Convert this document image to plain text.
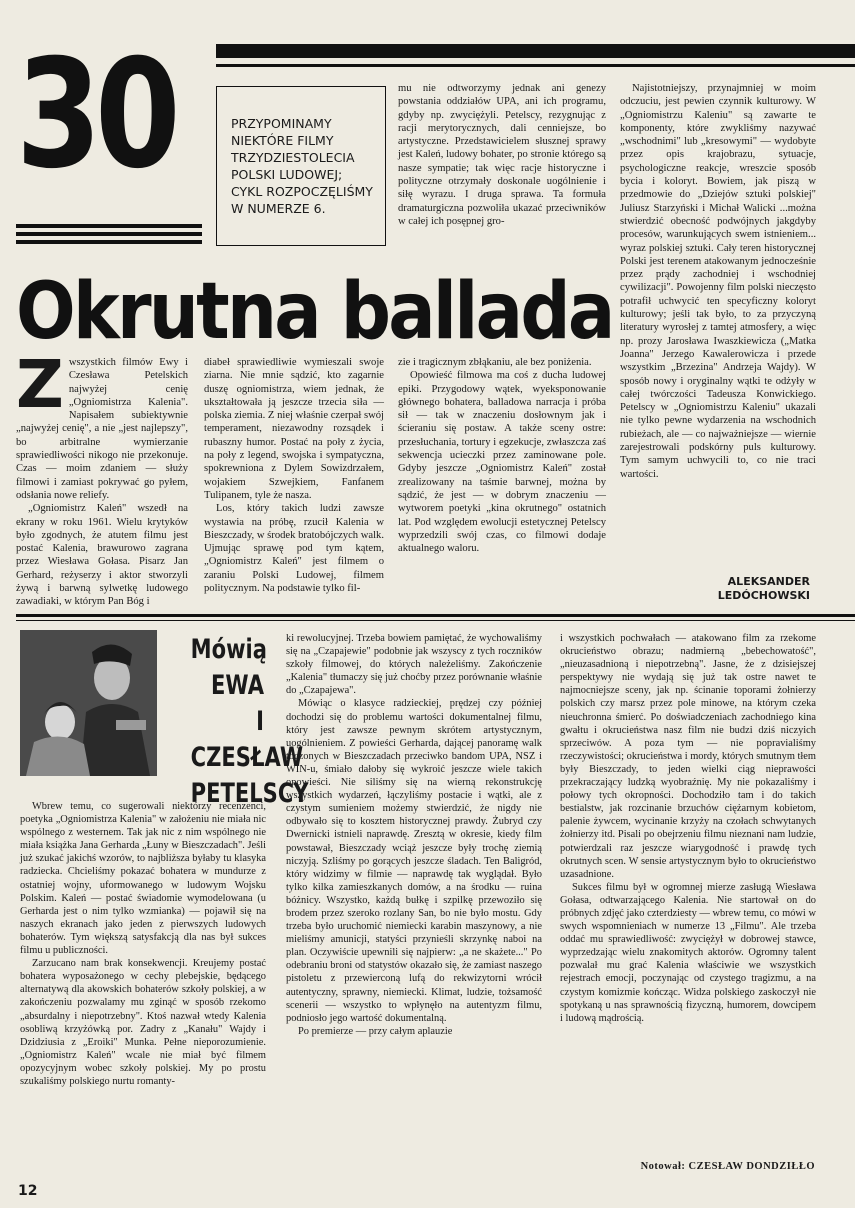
30	PRZYPOMINAMY
NIEKTÓRE FILMY
TRZYDZIESTOLECIA
POLSKI LUDOWEJ;
CYKL ROZPOCZĘLIŚMY
W NUMERZE 6.

mu nie odtworzymy jednak ani genezy powstania oddziałów UPA, ani ich programu, gdyby np. zwyciężyli. Petelscy, rezygnując z racji merytorycznych, dali cenniejsze, bo artystyczne. Przedstawicielem słusznej sprawy jest Kaleń, ludowy bohater, po stronie którego są nasze sympatie; tak więc racje historyczne i polityczne otrzymały doskonale uogólnienie i siłę wyrazu. I druga sprawa. Ta formuła dramaturgiczna pozwoliła ukazać przeciwników w całej ich posępnej gro-

Najistotniejszy, przynajmniej w moim odczuciu, jest pewien czynnik kulturowy. W „Ogniomistrzu Kaleniu" są zawarte te komponenty, które zwykliśmy nazywać „wschodnimi" lub „kresowymi" — wydobyte przez opis krajobrazu, sytuacje, psychologiczne reakcje, wreszcie sposób bycia i koloryt. Bowiem, jak piszą w przedmowie do „Dziejów sztuki polskiej" Juliusz Starzyński i Michał Walicki ...można stwierdzić obecność podwójnych jakgdyby procesów, warunkujących swem istnieniem... wyraz polskiej sztuki. Cały teren historycznej Polski jest terenem atakowanym jednocześnie przez prądy zachodniej i wschodniej cywilizacji". Powojenny film polski nieczęsto potrafił uchwycić ten specyficzny koloryt kulturowy; jeśli tak było, to za przyczyną literatury wyrosłej z tamtej atmosfery, a więc np. prozy Jarosława Iwaszkiewicza („Matka Joanna" Jerzego Kawalerowicza i przede wszystkim „Brzezina" Andrzeja Wajdy). W sposób nowy i oryginalny wątki te odżyły w całej twórczości Tadeusza Konwickiego. Petelscy w „Ogniomistrzu Kaleniu" ukazali nie tylko pewne wydarzenia na wschodnich rubieżach, ale — co najważniejsze — wiernie zarejestrowali podskórny puls kulturowy. Tym samym uchwycili to, co nie traci wartości.

Okrutna ballada
Z wszystkich filmów Ewy i Czesława Petelskich najwyżej cenię „Ogniomistrza Kalenia". Napisałem subiektywnie „najwyżej cenię", a nie „jest najlepszy", bo arbitralne wymierzanie sprawiedliwości nikogo nie przekonuje. Czas — moim zdaniem — służy filmowi i zamiast pokrywać go pyłem, odsłania nowe reliefy.

„Ogniomistrz Kaleń" wszedł na ekrany w roku 1961. Wielu krytyków było zgodnych, że atutem filmu jest postać Kalenia, brawurowo zagrana przez Wiesława Gołasa. Pisarz Jan Gerhard, reżyserzy i aktor stworzyli żywą i barwną sylwetkę ludowego zawadiaki, w którym Pan Bóg i

diabeł sprawiedliwie wymieszali swoje ziarna. Nie mnie sądzić, kto zagarnie duszę ogniomistrza, wiem jednak, że ukształtowała ją jeszcze trzecia siła — polska ziemia. Z niej właśnie czerpał swój temperament, niezawodny rozsądek i rubaszny humor. Postać na poły z życia, na poły z legend, swojska i sympatyczna, spokrewniona z Dylem Sowizdrzałem, wojakiem Szwejkiem, Fanfanem Tulipanem, tyle że nasza.

Los, który takich ludzi zawsze wystawia na próbę, rzucił Kalenia w Bieszczady, w środek bratobójczych walk. Ujmując sprawę pod tym kątem, „Ogniomistrz Kaleń" jest filmem o zaraniu Polski Ludowej, filmem politycznym. Na podstawie tylko fil-

zie i tragicznym zbłąkaniu, ale bez poniżenia.

Opowieść filmowa ma coś z ducha ludowej epiki. Przygodowy wątek, wyeksponowanie głównego bohatera, balladowa narracja i próba sił — tak w znaczeniu dosłownym jak i ścieraniu się postaw. A także sceny ostre: przesłuchania, tortury i egzekucje, zwłaszcza zaś sekwencja ucieczki przez zaminowane pole. Gdyby jeszcze „Ogniomistrz Kaleń" został zrealizowany na taśmie barwnej, można by sądzić, że jest — w dobrym znaczeniu — wytworem poetyki „kina okrutnego" ostatnich lat. Pod względem ewolucji estetycznej Petelscy wyprzedzili swój czas, co filmowi dodaje aktualnego waloru.

ALEKSANDER
LEDÓCHOWSKI
Mówią
EWA
I CZESŁAW
PETELSCY

Wbrew temu, co sugerowali niektórzy recenzenci, poetyka „Ogniomistrza Kalenia" w założeniu nie miała nic wspólnego z westernem. Tak jak nic z nim wspólnego nie miała książka Jana Gerharda „Łuny w Bieszczadach". Jeśli już szukać jakichś wzorów, to najbliższa byłaby tu klasyka radziecka. Chcieliśmy pokazać bohatera w mundurze z ostatniej wojny, uformowanego w ludowym Wojsku Polskim. Kaleń — postać świadomie wymodelowana (u Gerharda jest o nim tylko wzmianka) — pojawił się na naszych ekranach jako jeden z pierwszych ludowych bohaterów. Tym większą satysfakcją dla nas był sukces filmu u publiczności.

Zarzucano nam brak konsekwencji. Kreujemy postać bohatera wyposażonego w cechy plebejskie, będącego alternatywą dla akowskich bohaterów szkoły polskiej, a w zakończeniu pozwalamy mu zginąć w sposób rzekomo „absurdalny i niepotrzebny". Ktoś nazwał wtedy Kalenia osobliwą krzyżówką por. Zadry z „Kanału" Wajdy i Dzidziusia z „Eroiki" Munka. Pełne nieporozumienie. „Ogniomistrz Kaleń" wcale nie miał być filmem opozycyjnym wobec szkoły polskiej. My po prostu szukaliśmy polskiego nurtu romanty-

ki rewolucyjnej. Trzeba bowiem pamiętać, że wychowaliśmy się na „Czapajewie" podobnie jak wszyscy z tych roczników szkoły filmowej, do których należeliśmy. Zakończenie „Kalenia" tłumaczy się już choćby przez porównanie właśnie do „Czapajewa".

Mówiąc o klasyce radzieckiej, prędzej czy później dochodzi się do problemu wartości dokumentalnej filmu, który jest zawsze pewnym skrótem artystycznym, uogólnieniem. Z powieści Gerharda, dającej panoramę walk toczonych w Bieszczadach przeciwko bandom UPA, NSZ i WIN-u, śmiało dałoby się wykroić jeszcze wiele takich opowieści. Nie siliśmy się na wierną rekonstrukcję wszystkich wydarzeń, łączyliśmy postacie i wątki, ale z czystym sumieniem możemy stwierdzić, że nigdy nie odbywało się to kosztem historycznej prawdy. Żubryd czy Dwernicki istnieli naprawdę. Zresztą w okresie, kiedy film powstawał, Bieszczady wciąż jeszcze były trochę ziemią niczyją. Szliśmy po gorących jeszcze śladach. Ten Baligród, który widzimy w filmie — naprawdę tak wyglądał. Było tylko kilka zamieszkanych domów, a na środku — ruina bóżnicy. Wszystko, każdą bułkę i szpilkę przewoziło się brodem przez szeroko rozlany San, bo nie było mostu. Gdy trzeba było uruchomić niemiecki karabin maszynowy, a nie mieliśmy amunicji, statyści przynieśli skrzynkę naboi na plan. Oczywiście upewnili się najpierw: „a ne skażete..." Po odebraniu broni od statystów okazało się, że zamiast naszego pistoletu z przewierconą lufą do rekwizytorni wrócił autentyczny, sprawny, niemiecki. Klimat, ludzie, tożsamość scenerii — wszystko to wpłynęło na autentyzm filmu, podniosło jego wartość dokumentalną.

Po premierze — przy całym aplauzie

i wszystkich pochwałach — atakowano film za rzekome okrucieństwo obrazu; nadmierną „bebechowatość", „nieuzasadnioną i niepotrzebną". Jasne, że z dzisiejszej perspektywy nie wydają się już tak ostre nawet te najmocniejsze sceny, jak np. ścinanie toporami żołnierzy polskich czy marsz przez pole minowe, na którym czeka nieuchronna śmierć. Po doświadczeniach zachodniego kina gwałtu i okrucieństwa nasz film nie budzi dziś niczyich sprzeciwów. A poza tym — nie popravialiśmy rzeczywistości; okrucieństwa i mordy, których smutnym tłem były Bieszczady, to jeden wielki ciąg nieprawości przekraczający ludzką wyobraźnię. My nie pokazaliśmy i połowy tych okropności. Dochodziło tam i do takich bestialstw, jak rozcinanie brzuchów ciężarnym kobietom, palenie żywcem, wycinanie krzyży na czołach schwytanych żołnierzy itd. Pisali po obejrzeniu filmu nieznani nam ludzie, potwierdzali raz jeszcze wiarygodność i prawdę tych okrutnych scen. W sensie artystycznym było to okrucieństwo uzasadnione.

Sukces filmu był w ogromnej mierze zasługą Wiesława Gołasa, odtwarzającego Kalenia. Nie startował on do próbnych zdjęć jako czterdziesty — wbrew temu, co mówi w swych wspomnieniach w numerze 13 „Filmu". Ale trzeba oddać mu sprawiedliwość: zwyciężył w dobrowej stawce, wyprzedzając wielu znakomitych aktorów. Ogromny talent pozwalał mu grać Kalenia właściwie we wszystkich rejestrach emocji, poczynając od czystego tragizmu, a na czystym komizmie kończąc. Widza polskiego zaskoczył nie spotykaną u nas sprawnością fizyczną, humorem, dowcipem i ludową mądrością.

Notował: CZESŁAW DONDZIŁŁO
12
